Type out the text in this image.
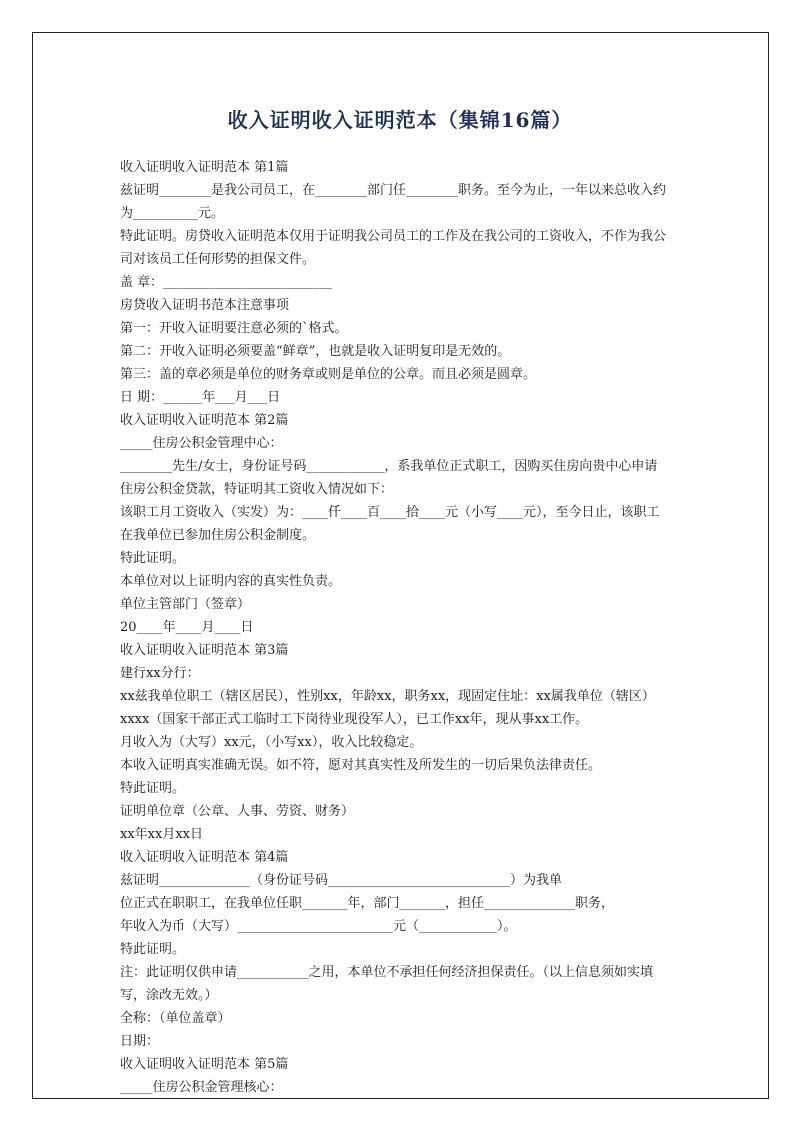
收入证明收入证明范本（集锦16篇）
收入证明收入证明范本 第1篇
兹证明________是我公司员工，在________部门任________职务。至今为止，一年以来总收入约
为__________元。
特此证明。房贷收入证明范本仅用于证明我公司员工的工作及在我公司的工资收入，不作为我公
司对该员工任何形势的担保文件。
盖 章：__________________________
房贷收入证明书范本注意事项
第一：开收入证明要注意必须的`格式。
第二：开收入证明必须要盖“鲜章”，也就是收入证明复印是无效的。
第三：盖的章必须是单位的财务章或则是单位的公章。而且必须是圆章。
日 期：______年___月___日
收入证明收入证明范本 第2篇
_____住房公积金管理中心：
________先生/女士，身份证号码____________，系我单位正式职工，因购买住房向贵中心申请
住房公积金贷款，特证明其工资收入情况如下：
该职工月工资收入（实发）为：____仟____百____拾____元（小写____元），至今日止，该职工
在我单位已参加住房公积金制度。
特此证明。
本单位对以上证明内容的真实性负责。
单位主管部门（签章）
20____年____月____日
收入证明收入证明范本 第3篇
建行xx分行：
xx兹我单位职工（辖区居民），性别xx，年龄xx，职务xx，现固定住址：xx属我单位（辖区）
xxxx（国家干部正式工临时工下岗待业现役军人），已工作xx年，现从事xx工作。
月收入为（大写）xx元，（小写xx），收入比较稳定。
本收入证明真实准确无误。如不符，愿对其真实性及所发生的一切后果负法律责任。
特此证明。
证明单位章（公章、人事、劳资、财务）
xx年xx月xx日
收入证明收入证明范本 第4篇
兹证明______________（身份证号码____________________________）为我单
位正式在职职工，在我单位任职_______年，部门_______，担任______________职务，
年收入为币（大写）________________________元（____________）。
特此证明。
注：此证明仅供申请___________之用，本单位不承担任何经济担保责任。（以上信息须如实填
写，涂改无效。）
全称：（单位盖章）
日期：
收入证明收入证明范本 第5篇
_____住房公积金管理核心：
